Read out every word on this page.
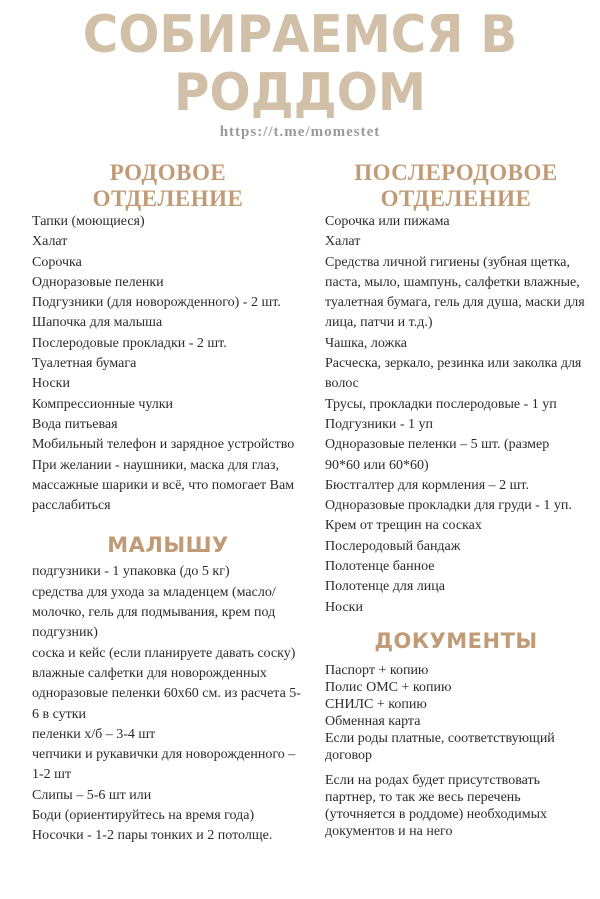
СОБИРАЕМСЯ В
РОДДОМ
https://t.me/momestet
РОДОВОЕ
ОТДЕЛЕНИЕ
Тапки (моющиеся)
Халат
Сорочка
Одноразовые пеленки
Подгузники (для новорожденного) - 2 шт.
Шапочка для малыша
Послеродовые прокладки - 2 шт.
Туалетная бумага
Носки
Компрессионные чулки
Вода питьевая
Мобильный телефон и зарядное устройство
При желании - наушники, маска для глаз, массажные шарики и всё, что помогает Вам расслабиться
МАЛЫШУ
подгузники - 1 упаковка (до 5 кг)
средства для ухода за младенцем (масло/молочко, гель для подмывания, крем под подгузник)
соска и кейс (если планируете давать соску)
влажные салфетки для новорожденных
одноразовые пеленки 60х60 см. из расчета 5-6 в сутки
пеленки х/б – 3-4 шт
чепчики и рукавички для новорожденного – 1-2 шт
Слипы – 5-6 шт или
Боди (ориентируйтесь на время года)
Носочки - 1-2 пары тонких и 2 потолще.
ПОСЛЕРОДОВОЕ
ОТДЕЛЕНИЕ
Сорочка или пижама
Халат
Средства личной гигиены (зубная щетка, паста, мыло, шампунь, салфетки влажные, туалетная бумага, гель для душа, маски для лица, патчи и т.д.)
Чашка, ложка
Расческа, зеркало, резинка или заколка для волос
Трусы, прокладки послеродовые - 1 уп
Подгузники - 1 уп
Одноразовые пеленки – 5 шт. (размер 90*60 или 60*60)
Бюстгалтер для кормления – 2 шт.
Одноразовые прокладки для груди - 1 уп.
Крем от трещин на сосках
Послеродовый бандаж
Полотенце банное
Полотенце для лица
Носки
ДОКУМЕНТЫ
Паспорт + копию
Полис ОМС + копию
СНИЛС + копию
Обменная карта
Если роды платные, соответствующий договор

Если на родах будет присутствовать партнер, то так же весь перечень (уточняется в роддоме) необходимых документов и на него
